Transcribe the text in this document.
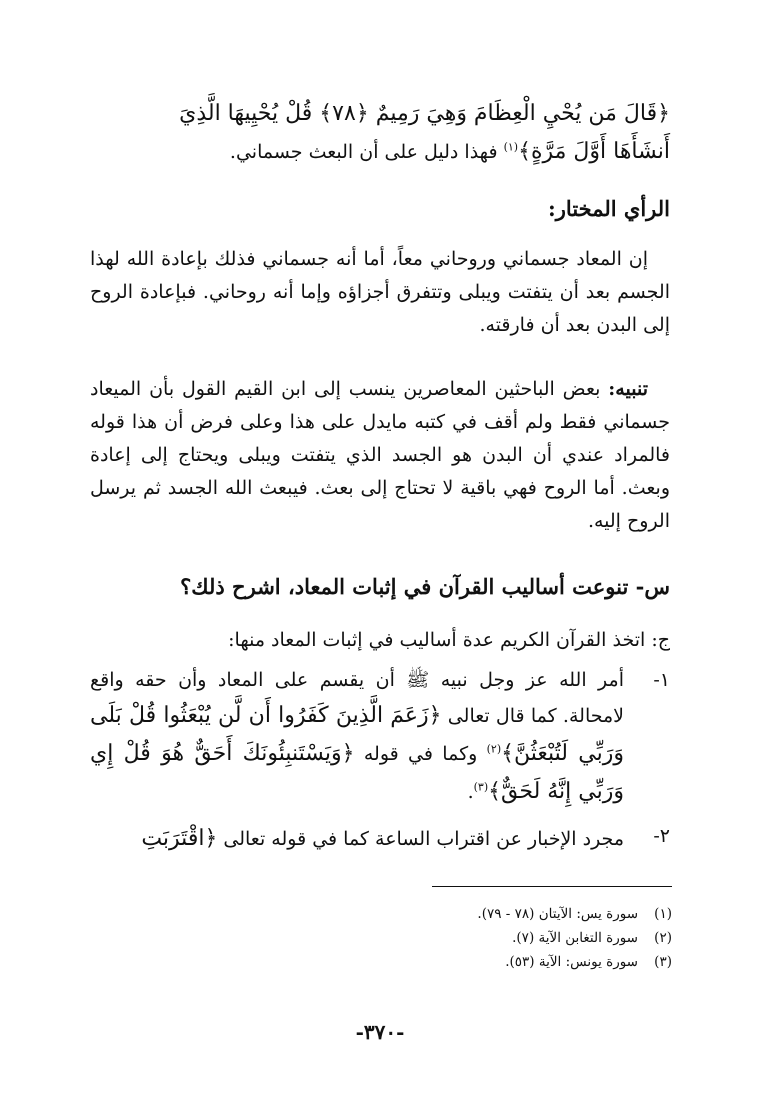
﴿قَالَ مَن يُحْيِ الْعِظَامَ وَهِيَ رَمِيمٌ ﴿٧٨﴾ قُلْ يُحْيِيهَا الَّذِيَ
أَنشَأَهَا أَوَّلَ مَرَّةٍ﴾$^{(١)}$ فهذا دليل على أن البعث جسماني.

الرأي المختار:

إن المعاد جسماني وروحاني معاً، أما أنه جسماني فذلك بإعادة الله لهذا الجسم بعد أن يتفتت ويبلى وتتفرق أجزاؤه وإما أنه روحاني. فبإعادة الروح إلى البدن بعد أن فارقته.

تنبيه: بعض الباحثين المعاصرين ينسب إلى ابن القيم القول بأن الميعاد جسماني فقط ولم أقف في كتبه مايدل على هذا وعلى فرض أن هذا قوله فالمراد عندي أن البدن هو الجسد الذي يتفتت ويبلى ويحتاج إلى إعادة وبعث. أما الروح فهي باقية لا تحتاج إلى بعث. فيبعث الله الجسد ثم يرسل الروح إليه.

س- تنوعت أساليب القرآن في إثبات المعاد، اشرح ذلك؟

ج: اتخذ القرآن الكريم عدة أساليب في إثبات المعاد منها:

١-

أمر الله عز وجل نبيه ﷺ أن يقسم على المعاد وأن حقه واقع لامحالة. كما قال تعالى ﴿زَعَمَ الَّذِينَ كَفَرُوا أَن لَّن يُبْعَثُوا قُلْ بَلَى وَرَبِّي لَتُبْعَثُنَّ﴾$^{(٢)}$ وكما في قوله ﴿وَيَسْتَنبِئُونَكَ أَحَقٌّ هُوَ قُلْ إِي وَرَبِّي إِنَّهُ لَحَقٌّ﴾$^{(٣)}$.

٢-

مجرد الإخبار عن اقتراب الساعة كما في قوله تعالى ﴿اقْتَرَبَتِ

(١)سورة يس: الآيتان (٧٨ - ٧٩).

(٢)سورة التغابن الآية (٧).

(٣)سورة يونس: الآية (٥٣).

-٣٧٠-
